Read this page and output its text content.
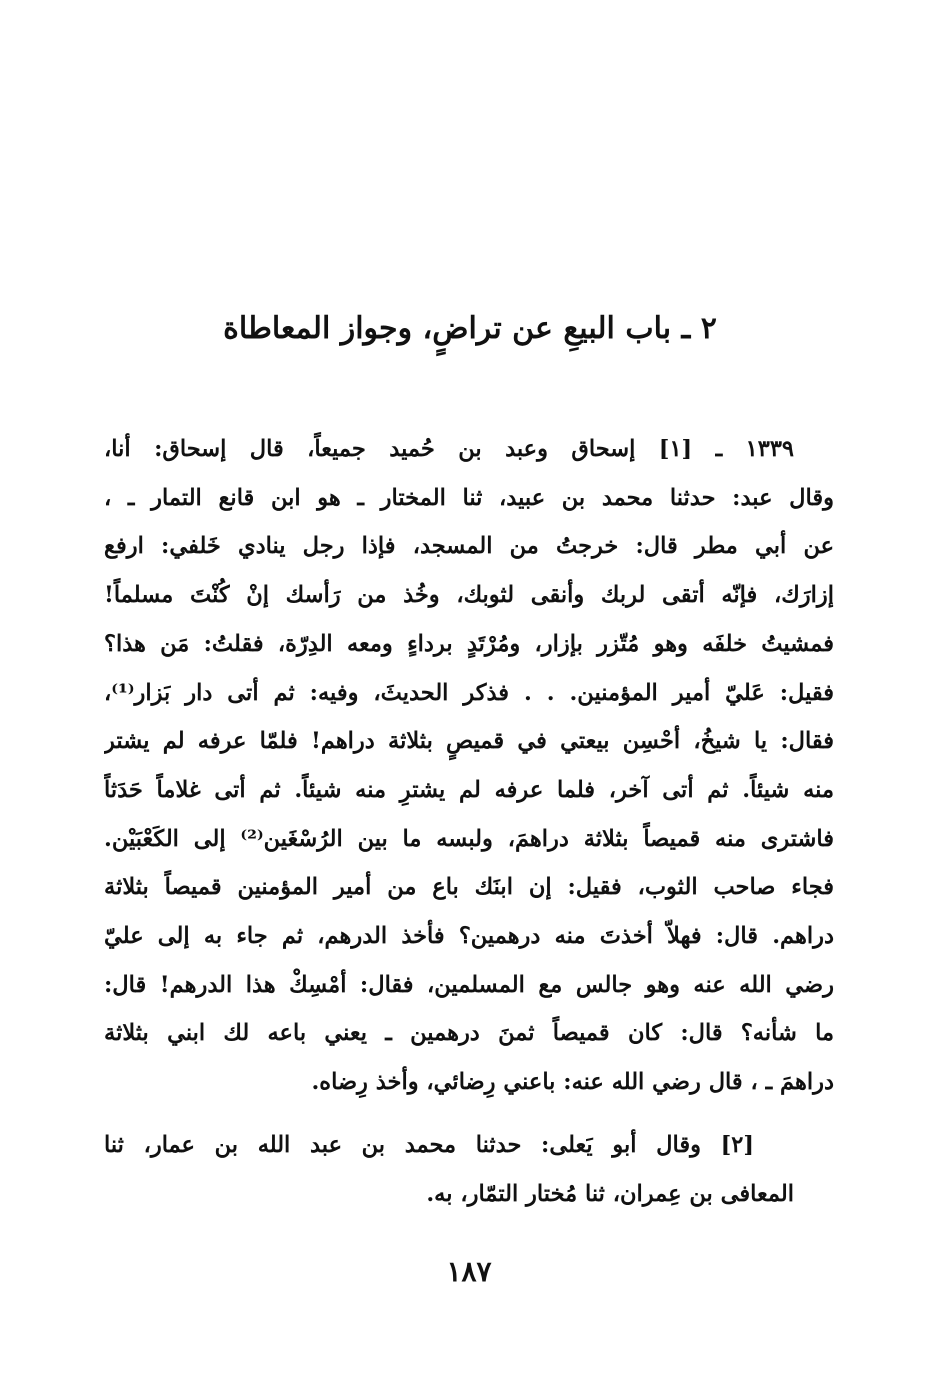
٢ ـ باب البيعِ عن تراضٍ، وجواز المعاطاة

١٣٣٩ ـ [١] إسحاق وعبد بن حُميد جميعاً، قال إسحاق: أنا،
وقال عبد: حدثنا محمد بن عبيد، ثنا المختار ـ هو ابن قانع التمار ـ ،
عن أبي مطر قال: خرجتُ من المسجد، فإذا رجل ينادي خَلفي: ارفع
إزارَك، فإنّه أتقى لربك وأنقى لثوبك، وخُذ من رَأسك إنْ كُنْتَ مسلماً!
فمشيتُ خلفَه وهو مُتّزر بإزار، ومُرْتَدٍ برداءٍ ومعه الدِرّة، فقلتُ: مَن هذا؟
فقيل: عَليّ أمير المؤمنين. . . فذكر الحديثَ، وفيه: ثم أتى دار بَزار⁽¹⁾،
فقال: يا شيخُ، أحْسِن بيعتي في قميصٍ بثلاثة دراهم! فلمّا عرفه لم يشتر
منه شيئاً. ثم أتى آخر، فلما عرفه لم يشترِ منه شيئاً. ثم أتى غلاماً حَدَثاً
فاشترى منه قميصاً بثلاثة دراهمَ، ولبسه ما بين الرُسْغَين⁽²⁾ إلى الكَعْبَيْن.
فجاء صاحب الثوب، فقيل: إن ابنَك باع من أمير المؤمنين قميصاً بثلاثة
دراهم. قال: فهلاّ أخذتَ منه درهمين؟ فأخذ الدرهم، ثم جاء به إلى عليّ
رضي الله عنه وهو جالس مع المسلمين، فقال: أمْسِكْ هذا الدرهم! قال:
ما شأنه؟ قال: كان قميصاً ثمنَ درهمين ـ يعني باعه لك ابني بثلاثة
دراهمَ ـ ، قال رضي الله عنه: باعني رِضائي، وأخذ رِضاه.

[٢] وقال أبو يَعلى: حدثنا محمد بن عبد الله بن عمار، ثنا
المعافى بن عِمران، ثنا مُختار التمّار، به.

١٨٧
